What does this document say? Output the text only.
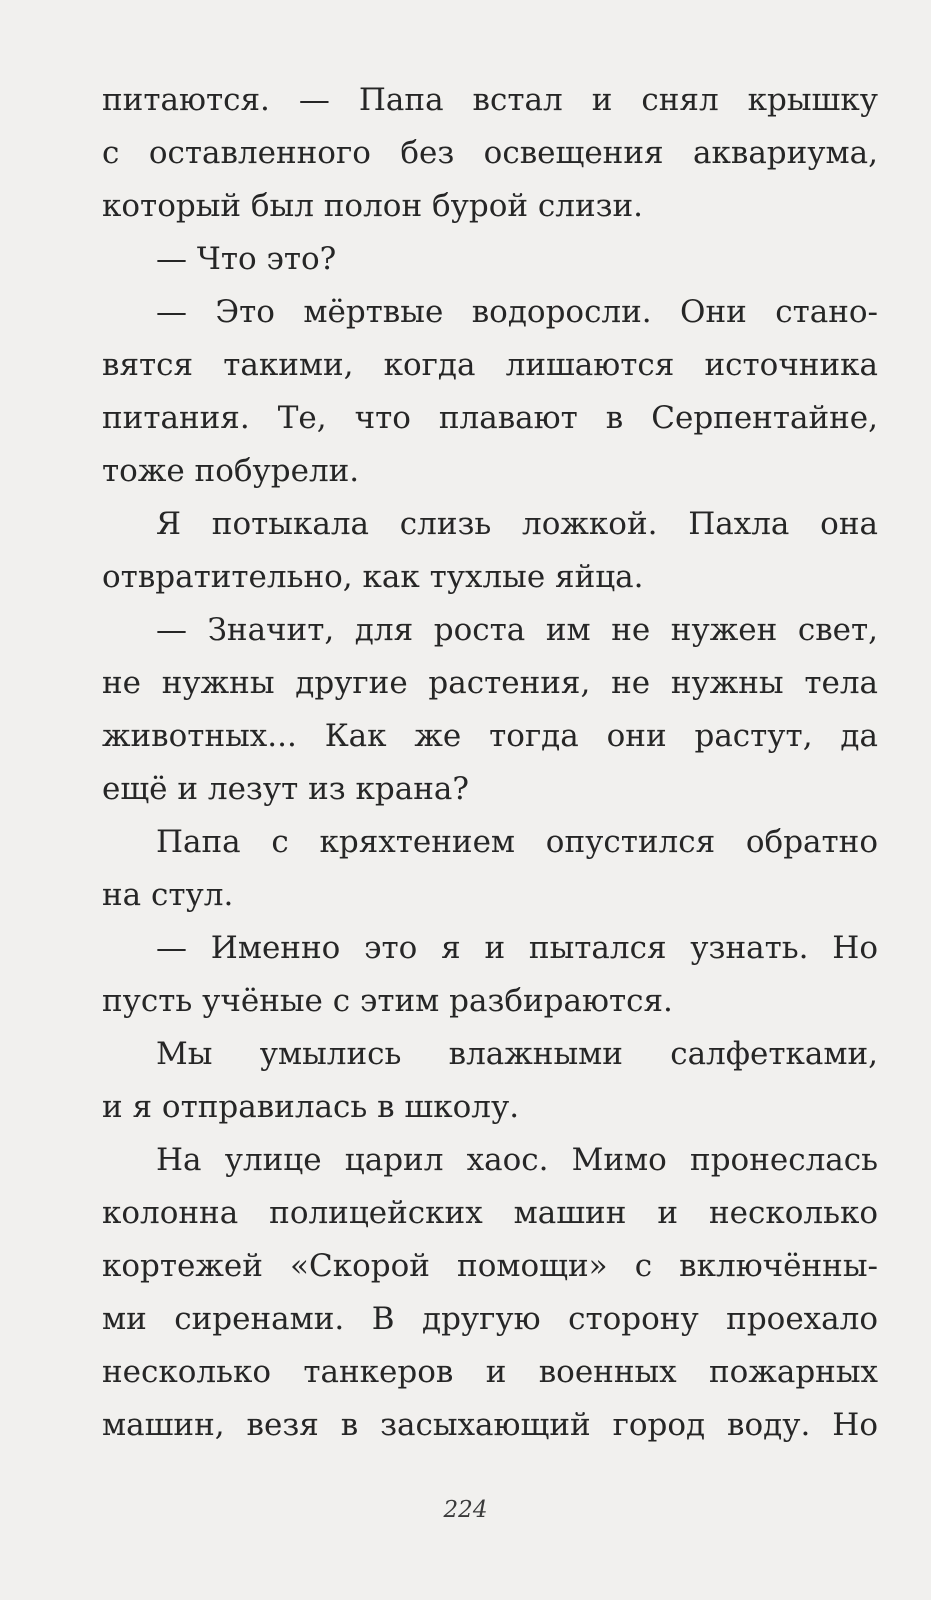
питаются. — Папа встал и снял крышку
с оставленного без освещения аквариума,
который был полон бурой слизи.
— Что это?
— Это мёртвые водоросли. Они стано-
вятся такими, когда лишаются источника
питания. Те, что плавают в Серпентайне,
тоже побурели.
Я потыкала слизь ложкой. Пахла она
отвратительно, как тухлые яйца.
— Значит, для роста им не нужен свет,
не нужны другие растения, не нужны тела
животных... Как же тогда они растут, да
ещё и лезут из крана?
Папа с кряхтением опустился обратно
на стул.
— Именно это я и пытался узнать. Но
пусть учёные с этим разбираются.
Мы умылись влажными салфетками,
и я отправилась в школу.
На улице царил хаос. Мимо пронеслась
колонна полицейских машин и несколько
кортежей «Скорой помощи» с включённы-
ми сиренами. В другую сторону проехало
несколько танкеров и военных пожарных
машин, везя в засыхающий город воду. Но
224
